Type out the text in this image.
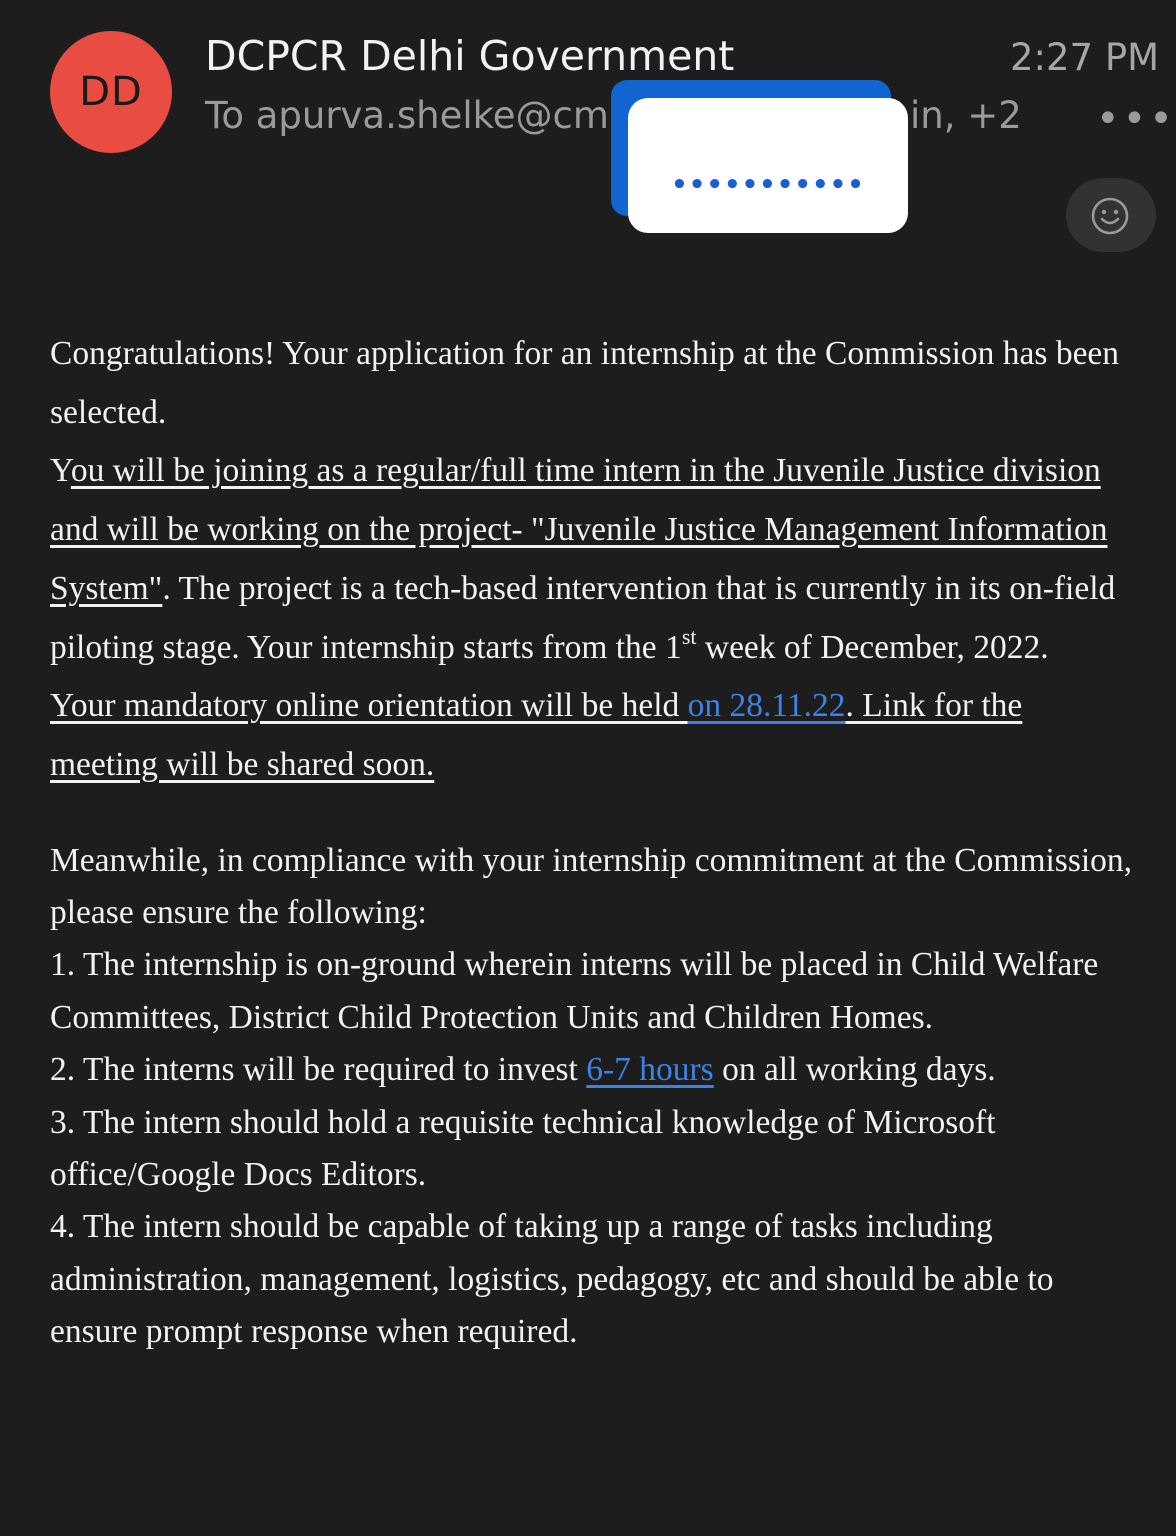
DD
DCPCR Delhi Government	2:27 PM
To apurva.shelke@cm	in, +2 •••
•••••••••••
Congratulations! Your application for an internship at the Commission has been selected.
You will be joining as a regular/full time intern in the Juvenile Justice division and will be working on the project- "Juvenile Justice Management Information System". The project is a tech-based intervention that is currently in its on-field piloting stage. Your internship starts from the 1st week of December, 2022.
Your mandatory online orientation will be held on 28.11.22. Link for the meeting will be shared soon.
Meanwhile, in compliance with your internship commitment at the Commission, please ensure the following:
1. The internship is on-ground wherein interns will be placed in Child Welfare Committees, District Child Protection Units and Children Homes.
2. The interns will be required to invest 6-7 hours on all working days.
3. The intern should hold a requisite technical knowledge of Microsoft office/Google Docs Editors.
4. The intern should be capable of taking up a range of tasks including administration, management, logistics, pedagogy, etc and should be able to ensure prompt response when required.
